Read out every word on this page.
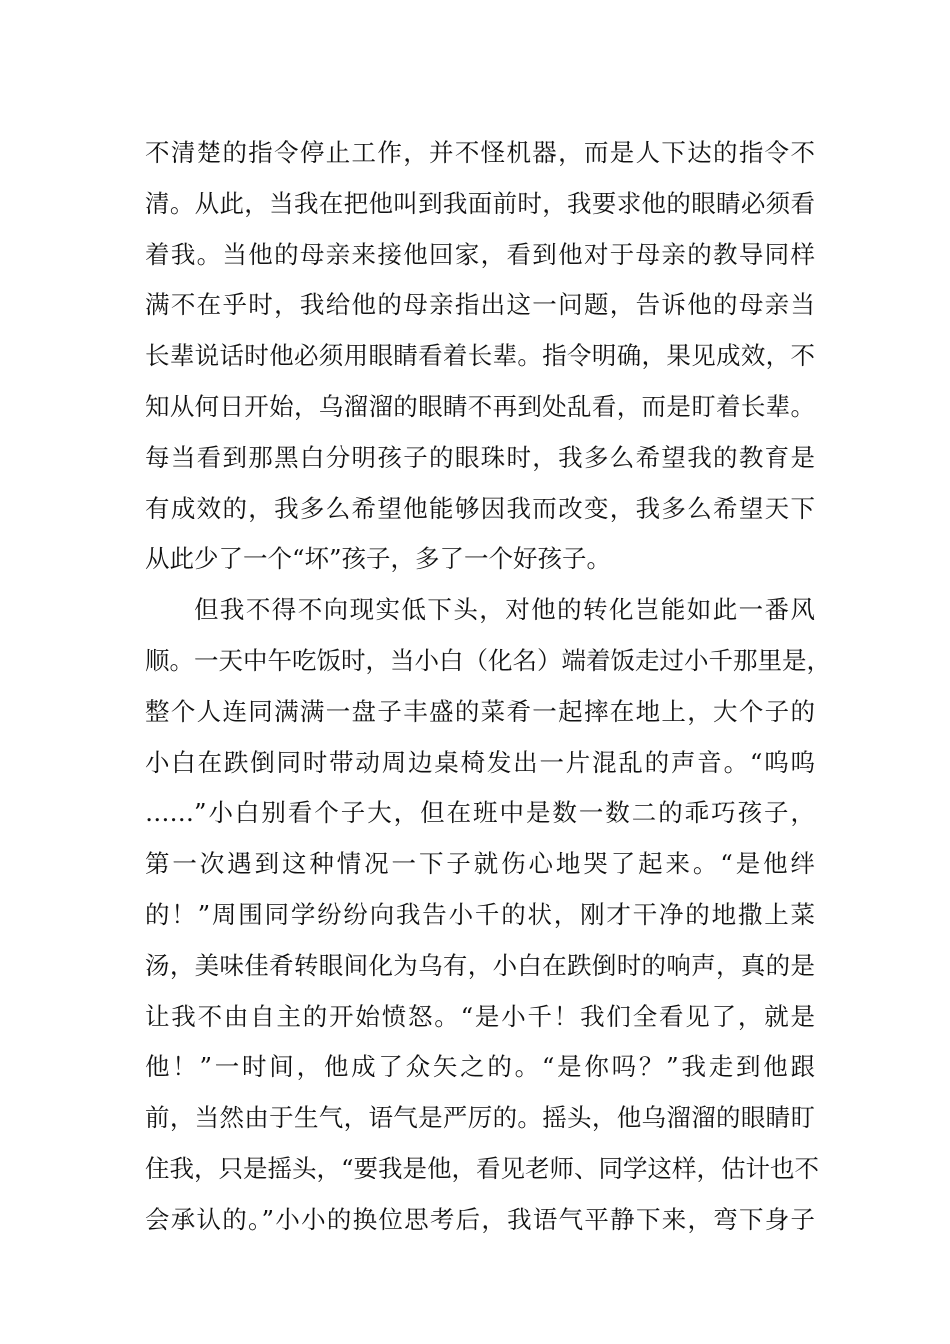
不清楚的指令停止工作，并不怪机器，而是人下达的指令不
清。从此，当我在把他叫到我面前时，我要求他的眼睛必须看
着我。当他的母亲来接他回家，看到他对于母亲的教导同样
满不在乎时，我给他的母亲指出这一问题，告诉他的母亲当
长辈说话时他必须用眼睛看着长辈。指令明确，果见成效，不
知从何日开始，乌溜溜的眼睛不再到处乱看，而是盯着长辈。
每当看到那黑白分明孩子的眼珠时，我多么希望我的教育是
有成效的，我多么希望他能够因我而改变，我多么希望天下
从此少了一个“坏”孩子，多了一个好孩子。
但我不得不向现实低下头，对他的转化岂能如此一番风
顺。一天中午吃饭时，当小白（化名）端着饭走过小千那里是，
整个人连同满满一盘子丰盛的菜肴一起摔在地上，大个子的
小白在跌倒同时带动周边桌椅发出一片混乱的声音。“呜呜
……”小白别看个子大，但在班中是数一数二的乖巧孩子，
第一次遇到这种情况一下子就伤心地哭了起来。“是他绊
的！”周围同学纷纷向我告小千的状，刚才干净的地撒上菜
汤，美味佳肴转眼间化为乌有，小白在跌倒时的响声，真的是
让我不由自主的开始愤怒。“是小千！我们全看见了，就是
他！”一时间，他成了众矢之的。“是你吗？”我走到他跟
前，当然由于生气，语气是严厉的。摇头，他乌溜溜的眼睛盯
住我，只是摇头，“要我是他，看见老师、同学这样，估计也不
会承认的。”小小的换位思考后，我语气平静下来，弯下身子
